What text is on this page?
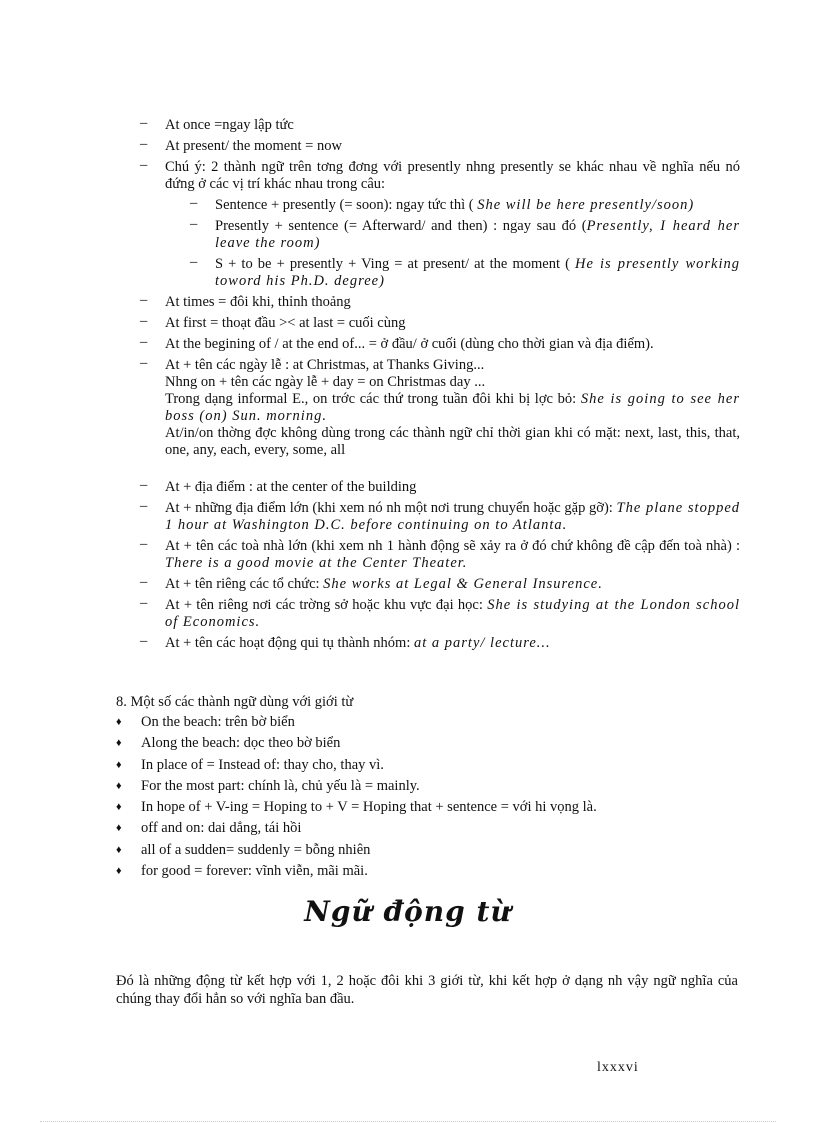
– At once =ngay lập tức
– At present/ the moment = now
– Chú ý: 2 thành ngữ trên tơng đơng với presently nhng presently se khác nhau về nghĩa nếu nó đứng ở các vị trí khác nhau trong câu:
– Sentence + presently (= soon): ngay tức thì ( She will be here presently/soon)
– Presently + sentence (= Afterward/ and then) : ngay sau đó (Presently, I heard her leave the room)
– S + to be + presently + Ving = at present/ at the moment ( He is presently working toword his Ph.D. degree)
– At times = đôi khi, thỉnh thoảng
– At first = thoạt đầu >< at last = cuối cùng
– At the begining of / at the end of... = ở đầu/ ở cuối (dùng cho thời gian và địa điểm).
– At + tên các ngày lễ : at Christmas, at Thanks Giving...
Nhng on + tên các ngày lễ + day = on Christmas day ...
Trong dạng informal E., on trớc các thứ trong tuần đôi khi bị lợc bỏ: She is going to see her boss (on) Sun. morning.
At/in/on thờng đợc không dùng trong các thành ngữ chỉ thời gian khi có mặt: next, last, this, that, one, any, each, every, some, all
– At + địa điểm : at the center of the building
– At + những địa điểm lớn (khi xem nó nh một nơi trung chuyển hoặc gặp gỡ): The plane stopped 1 hour at Washington D.C. before continuing on to Atlanta.
– At + tên các toà nhà lớn (khi xem nh 1 hành động sẽ xảy ra ở đó chứ không đề cập đến toà nhà) : There is a good movie at the Center Theater.
– At + tên riêng các tổ chức: She works at Legal & General Insurence.
– At + tên riêng nơi các trờng sở hoặc khu vực đại học: She is studying at the London school of Economics.
– At + tên các hoạt động qui tụ thành nhóm: at a party/ lecture...
8. Một số các thành ngữ dùng với giới từ
♦ On the beach: trên bờ biển
♦ Along the beach: dọc theo bờ biển
♦ In place of = Instead of: thay cho, thay vì.
♦ For the most part: chính là, chủ yếu là = mainly.
♦ In hope of + V-ing = Hoping to + V = Hoping that + sentence = với hi vọng là.
♦ off and on: dai dẳng, tái hồi
♦ all of a sudden= suddenly = bỗng nhiên
♦ for good = forever: vĩnh viễn, mãi mãi.
Ngữ động từ
Đó là những động từ kết hợp với 1, 2 hoặc đôi khi 3 giới từ, khi kết hợp ở dạng nh vậy ngữ nghĩa của chúng thay đổi hẳn so với nghĩa ban đầu.
lxxxvi
